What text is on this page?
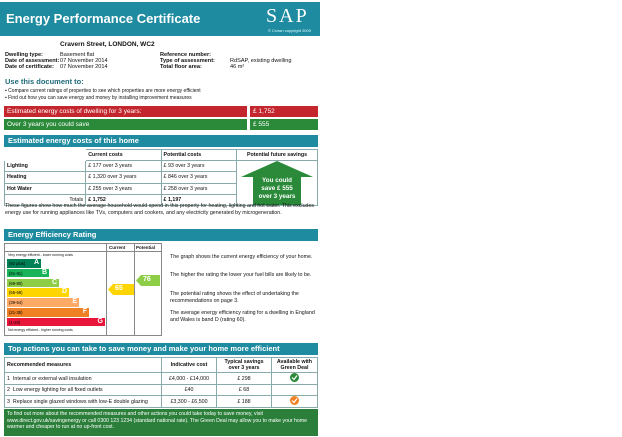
Energy Performance Certificate	SAP
© Crown copyright 2009
Cravern Street, LONDON, WC2
Dwelling type:	Basement flat
Date of assessment:07 November 2014
Date of certificate: 07 November 2014
Reference number:
Type of assessment:	RdSAP, existing dwelling
Total floor area:	46 m²
Use this document to:
▪ Compare current ratings of properties to see which properties are more energy efficient
▪ Find out how you can save energy and money by installing improvement measures
Estimated energy costs of dwelling for 3 years:	£ 1,752
Over 3 years you could save	£ 555
Estimated energy costs of this home
	Current costs	Potential costs	Potential future savings
Lighting	£ 177 over 3 years	£ 93 over 3 years	You could
save £ 555
over 3 years

Heating	£ 1,320 over 3 years	£ 846 over 3 years	
Hot Water	£ 255 over 3 years	£ 258 over 3 years	
Totals	£ 1,752	£ 1,197	
These figures show how much the average household would spend in this property for heating, lighting and hot water. This excludes energy use for running appliances like TVs, computers and cookers, and any electricity generated by microgeneration.
Energy Efficiency Rating
Very energy efficient - lower running costs
(92 plus) A
(81-91)	B
(69-80)	C
(55-68)	D
(39-54)	E
(21-38)	F
(1-20)	G
Not energy efficient - higher running costs
Current Potential
65
76
The graph shows the current energy efficiency of your home.
The higher the rating the lower your fuel bills are likely to be.
The potential rating shows the effect of undertaking the recommendations on page 3.
The average energy efficiency rating for a dwelling in England and Wales is band D (rating 60).
Top actions you can take to save money and make your home more efficient
Recommended measures	Indicative cost	Typical savings over 3 years	Available with Green Deal
1 Internal or external wall insulation	£4,000 - £14,000	£ 298	
2 Low energy lighting for all fixed outlets	£40	£ 68	
3 Replace single glazed windows with low-E double glazing	£3,300 - £6,500	£ 188	
To find out more about the recommended measures and other actions you could take today to save money, visit www.direct.gov.uk/savingenergy or call 0300 123 1234 (standard national rate). The Green Deal may allow you to make your home warmer and cheaper to run at no up-front cost.
